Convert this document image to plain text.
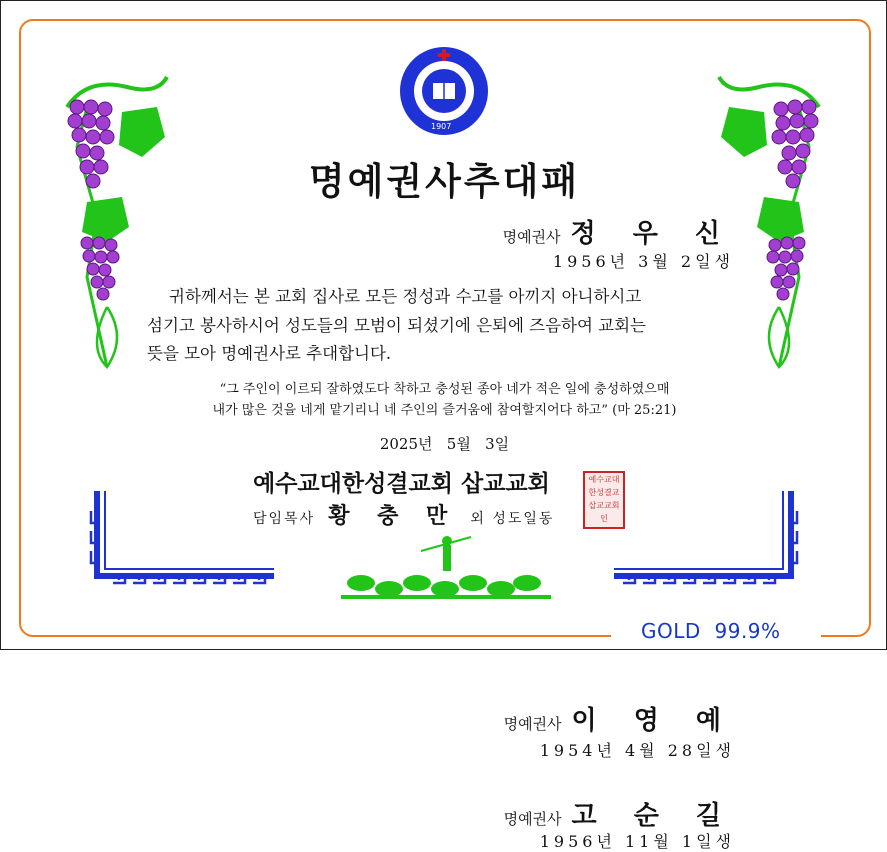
1907
명예권사추대패
명예권사 정 우 신
1956년 3월 2일생

귀하께서는 본 교회 집사로 모든 정성과 수고를 아끼지 아니하시고

섬기고 봉사하시어 성도들의 모범이 되셨기에 은퇴에 즈음하여 교회는

뜻을 모아 명예권사로 추대합니다.

“그 주인이 이르되 잘하였도다 착하고 충성된 종아 네가 적은 일에 충성하였으매
내가 많은 것을 네게 맡기리니 네 주인의 즐거움에 참여할지어다 하고” (마 25:21)
2025년   5월   3일
예수교대한성결교회 삽교교회
담임목사 황 충 만 외 성도일동
예수교대
한성결교
삽교교회
인
GOLD  99.9%
명예권사 이 영 예
1954년 4월 28일생
명예권사 고 순 길
1956년 11월 1일생
